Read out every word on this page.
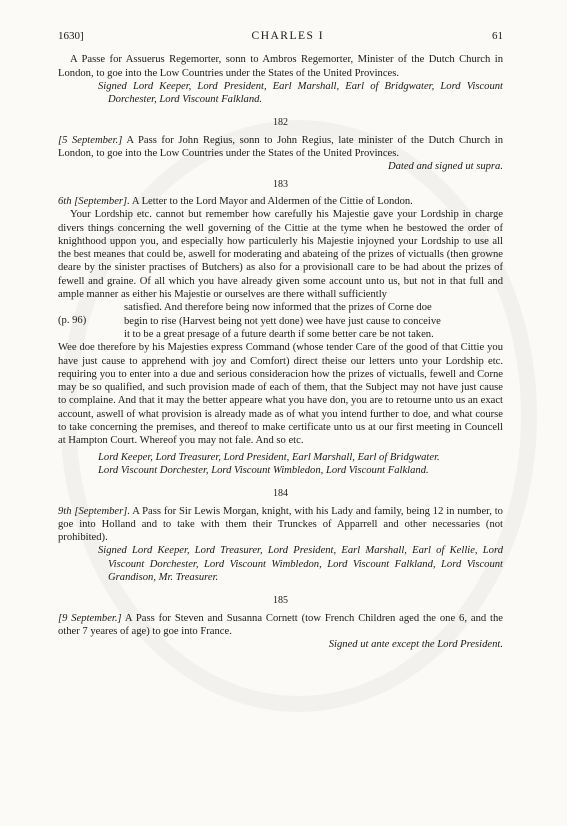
1630]	CHARLES I	61

A Passe for Assuerus Regemorter, sonn to Ambros Regemorter, Minister of the Dutch Church in London, to goe into the Low Countries under the States of the United Provinces.

Signed Lord Keeper, Lord President, Earl Marshall, Earl of Bridgwater, Lord Viscount Dorchester, Lord Viscount Falkland.

182

[5 September.] A Pass for John Regius, sonn to John Regius, late minister of the Dutch Church in London, to goe into the Low Countries under the States of the United Provinces.

Dated and signed ut supra.

183

6th [September]. A Letter to the Lord Mayor and Aldermen of the Cittie of London.

Your Lordship etc. cannot but remember how carefully his Majestie gave your Lordship in charge divers things concerning the well governing of the Cittie at the tyme when he bestowed the order of knighthood uppon you, and especially how particulerly his Majestie injoyned your Lordship to use all the best meanes that could be, aswell for moderating and abateing of the prizes of victualls (then growne deare by the sinister practises of Butchers) as also for a provisionall care to be had about the prizes of fewell and graine. Of all which you have already given some account unto us, but not in that full and ample manner as either his Majestie or ourselves are there withall sufficiently

(p. 96)

satisfied. And therefore being now informed that the prizes of Corne doe

begin to rise (Harvest being not yett done) wee have just cause to conceive

it to be a great presage of a future dearth if some better care be not taken.

Wee doe therefore by his Majesties express Command (whose tender Care of the good of that Cittie you have just cause to apprehend with joy and Comfort) direct theise our letters unto your Lordship etc. requiring you to enter into a due and serious consideracion how the prizes of victualls, fewell and Corne may be so qualified, and such provision made of each of them, that the Subject may not have just cause to complaine. And that it may the better appeare what you have don, you are to retourne unto us an exact account, aswell of what provision is already made as of what you intend further to doe, and what course to take concerning the premises, and thereof to make certificate unto us at our first meeting in Councell at Hampton Court. Whereof you may not fale. And so etc.

Lord Keeper, Lord Treasurer, Lord President, Earl Marshall, Earl of Bridgwater.

Lord Viscount Dorchester, Lord Viscount Wimbledon, Lord Viscount Falkland.

184

9th [September]. A Pass for Sir Lewis Morgan, knight, with his Lady and family, being 12 in number, to goe into Holland and to take with them their Trunckes of Apparrell and other necessaries (not prohibited).

Signed Lord Keeper, Lord Treasurer, Lord President, Earl Marshall, Earl of Kellie, Lord Viscount Dorchester, Lord Viscount Wimbledon, Lord Viscount Falkland, Lord Viscount Grandison, Mr. Treasurer.

185

[9 September.] A Pass for Steven and Susanna Cornett (tow French Children aged the one 6, and the other 7 yeares of age) to goe into France.

Signed ut ante except the Lord President.
